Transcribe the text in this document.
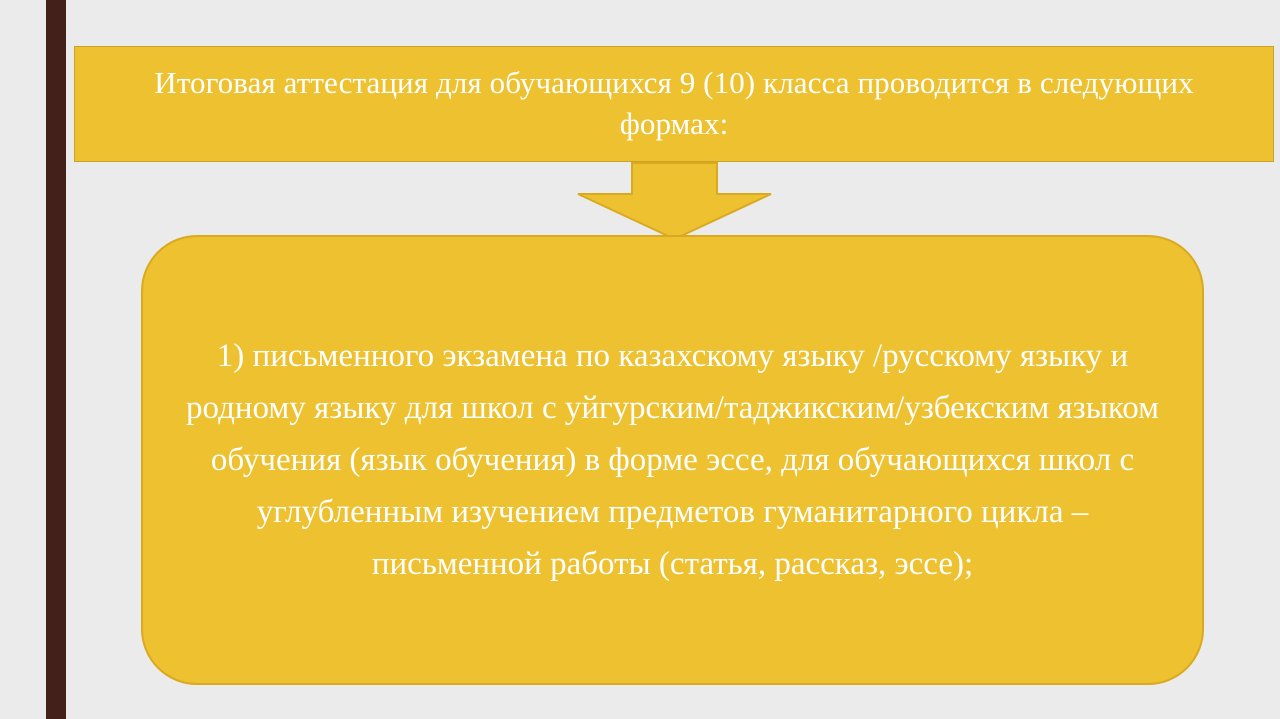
Итоговая аттестация для обучающихся 9 (10) класса проводится в следующих формах:
1) письменного экзамена по казахскому языку /русскому языку и родному языку для школ с уйгурским/таджикским/узбекским языком обучения (язык обучения) в форме эссе, для обучающихся школ с углубленным изучением предметов гуманитарного цикла – письменной работы (статья, рассказ, эссе);
